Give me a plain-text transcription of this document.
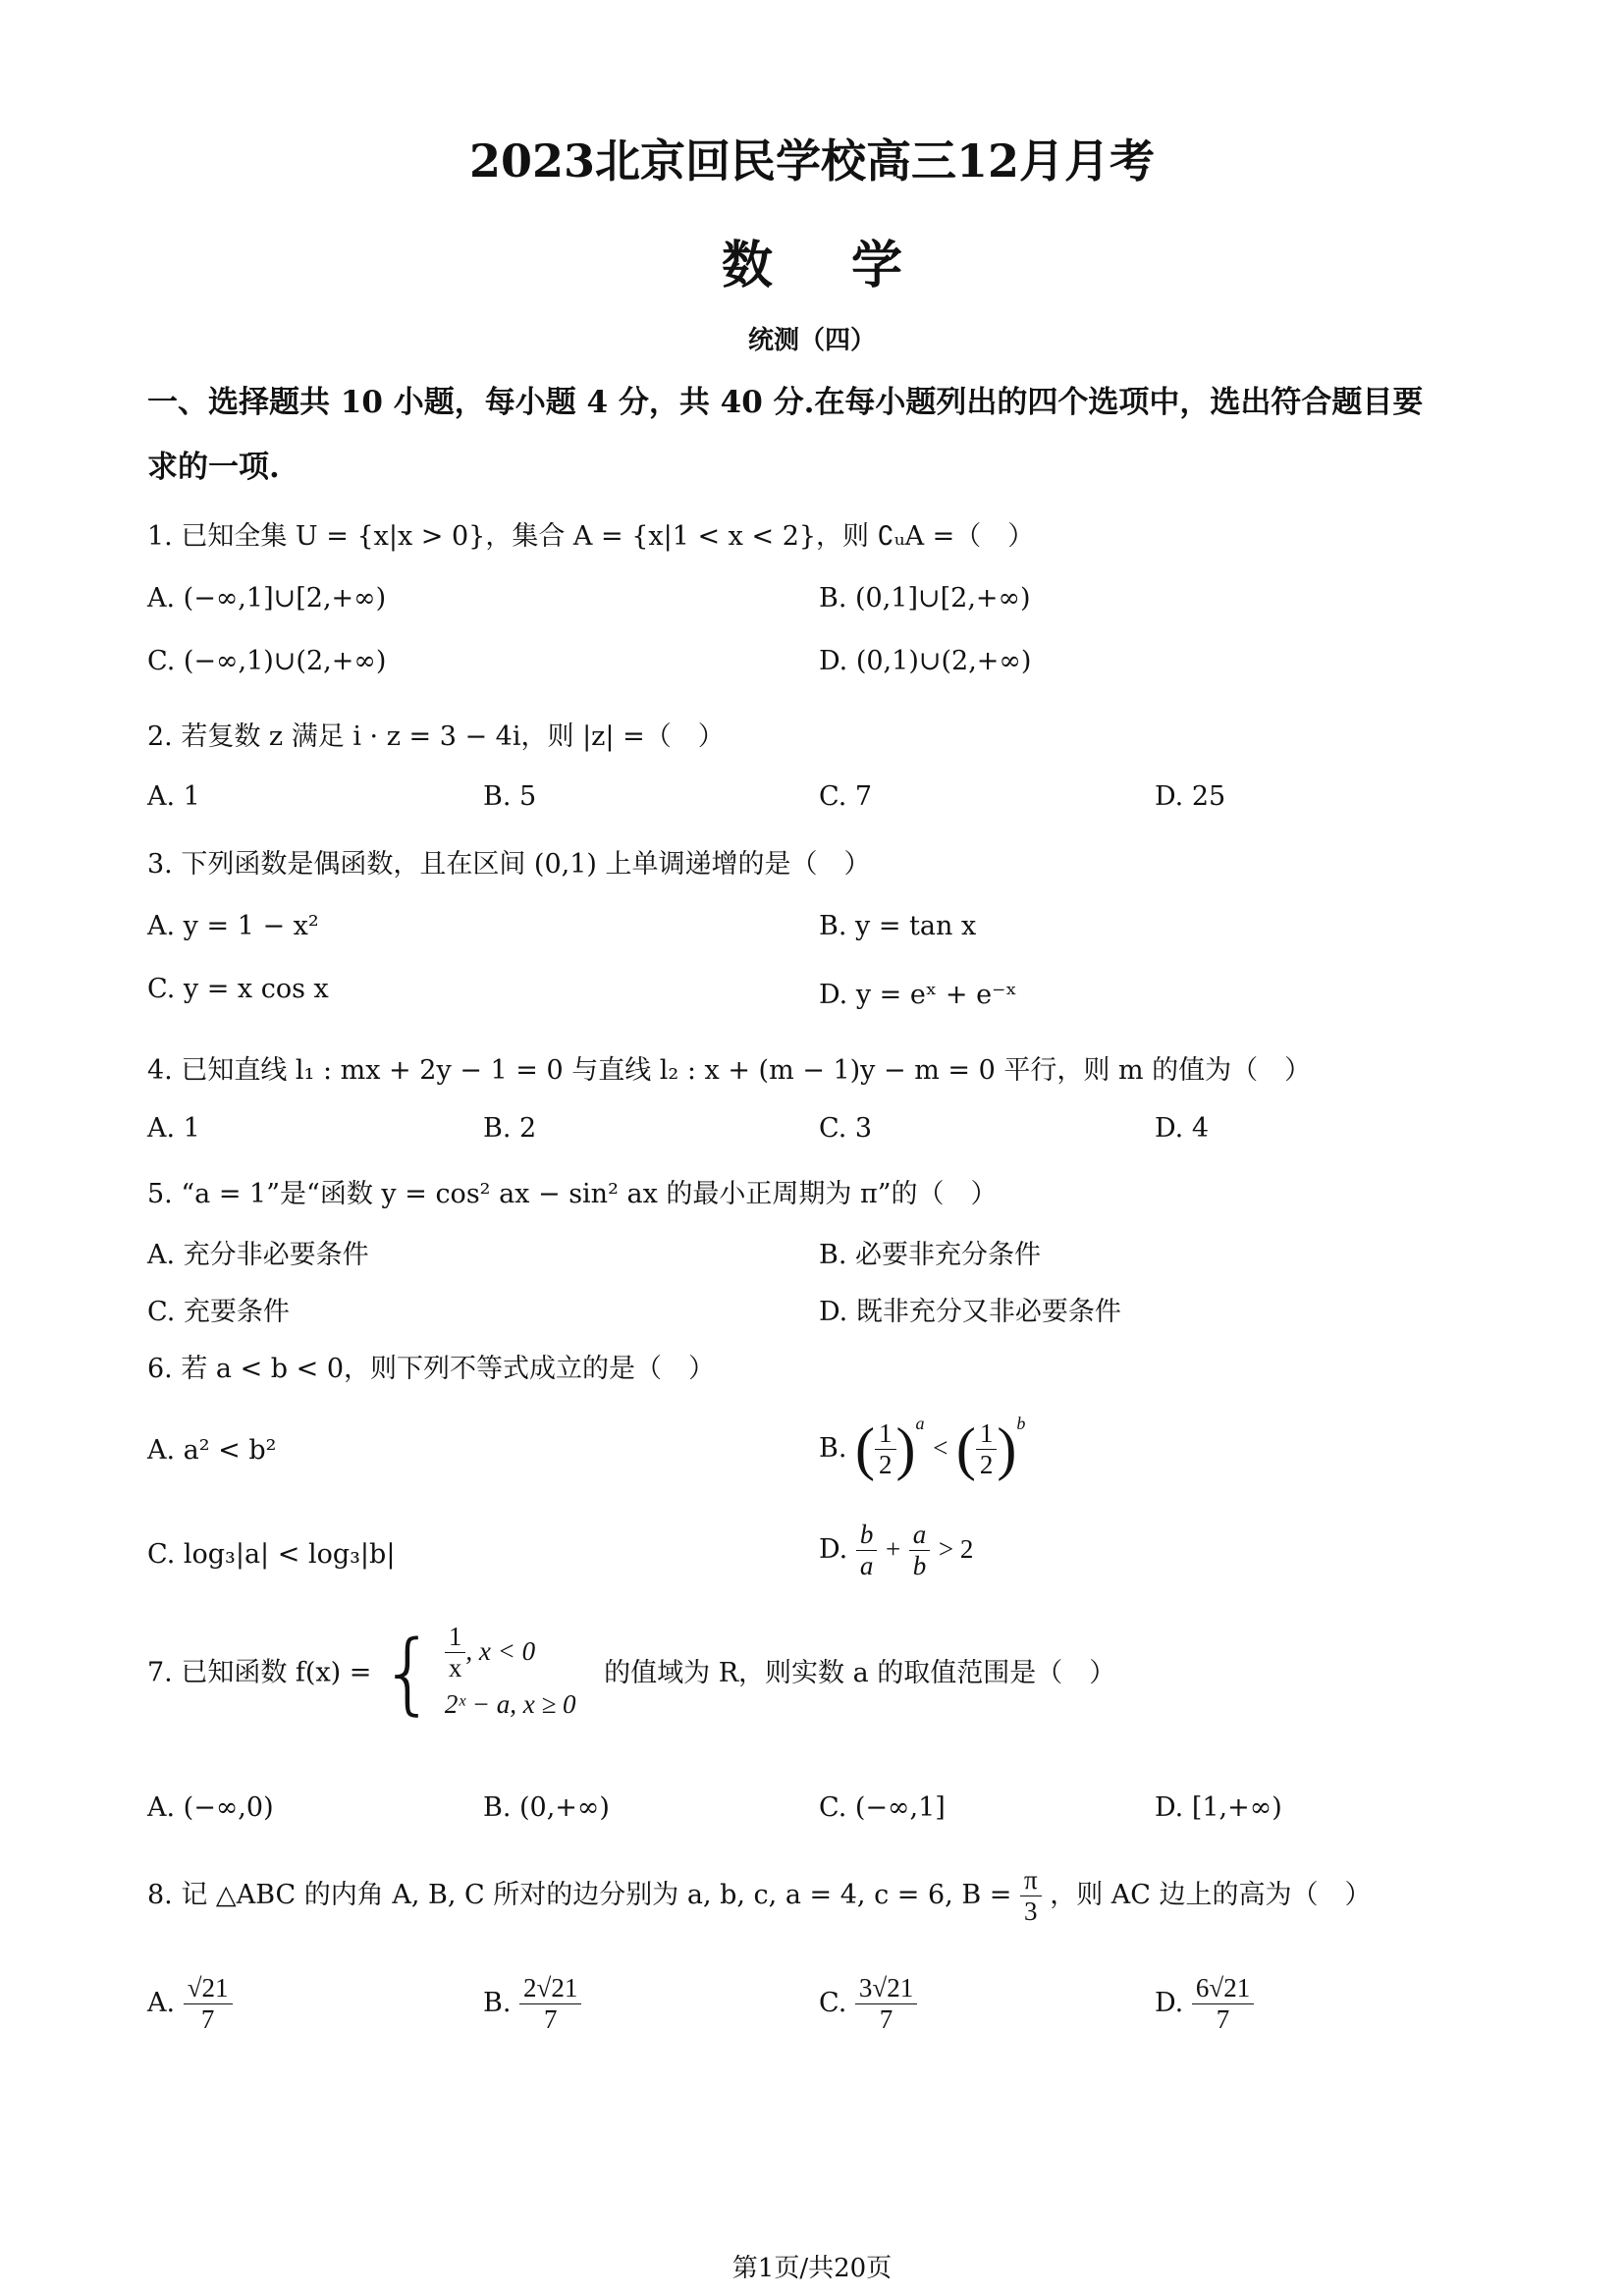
2023北京回民学校高三12月月考
数学
统测（四）
一、选择题共 10 小题，每小题 4 分，共 40 分.在每小题列出的四个选项中，选出符合题目要
求的一项.
1. 已知全集 U = {x|x > 0}，集合 A = {x|1 < x < 2}，则 ∁ᵤA =（　）
A. (−∞,1]∪[2,+∞)	B. (0,1]∪[2,+∞)
C. (−∞,1)∪(2,+∞)	D. (0,1)∪(2,+∞)
2. 若复数 z 满足 i · z = 3 − 4i，则 |z| =（　）
A. 1	B. 5	C. 7	D. 25
3. 下列函数是偶函数，且在区间 (0,1) 上单调递增的是（　）
A. y = 1 − x²	B. y = tan x
C. y = x cos x	D. y = eˣ + e⁻ˣ
4. 已知直线 l₁ : mx + 2y − 1 = 0 与直线 l₂ : x + (m − 1)y − m = 0 平行，则 m 的值为（　）
A. 1	B. 2	C. 3	D. 4
5. “a = 1”是“函数 y = cos² ax − sin² ax 的最小正周期为 π”的（　）
A. 充分非必要条件	B. 必要非充分条件
C. 充要条件	D. 既非充分又非必要条件
6. 若 a < b < 0，则下列不等式成立的是（　）
A. a² < b²	B. ( $\frac{1}{2} )^a$ < ( $\frac{1}{2} )^b$
C. log₃|a| < log₃|b|	D. $\frac{b}{a} + \frac{a}{b} > 2$
7. 已知函数 f(x) = { $\frac{1}{x}$ , x < 0
2ˣ − a, x ≥ 0
的值域为 R，则实数 a 的取值范围是（　）
A. (−∞,0)	B. (0,+∞)	C. (−∞,1]	D. [1,+∞)
8. 记 △ABC 的内角 A, B, C 所对的边分别为 a, b, c, a = 4, c = 6, $B = \frac{\pi}{3}$ ，则 AC 边上的高为（　）
A. $\frac{√21}{7}$	B. $\frac{2√21}{7}$	C. $\frac{3√21}{7}$	D. $\frac{6√21}{7}$
第1页/共20页
